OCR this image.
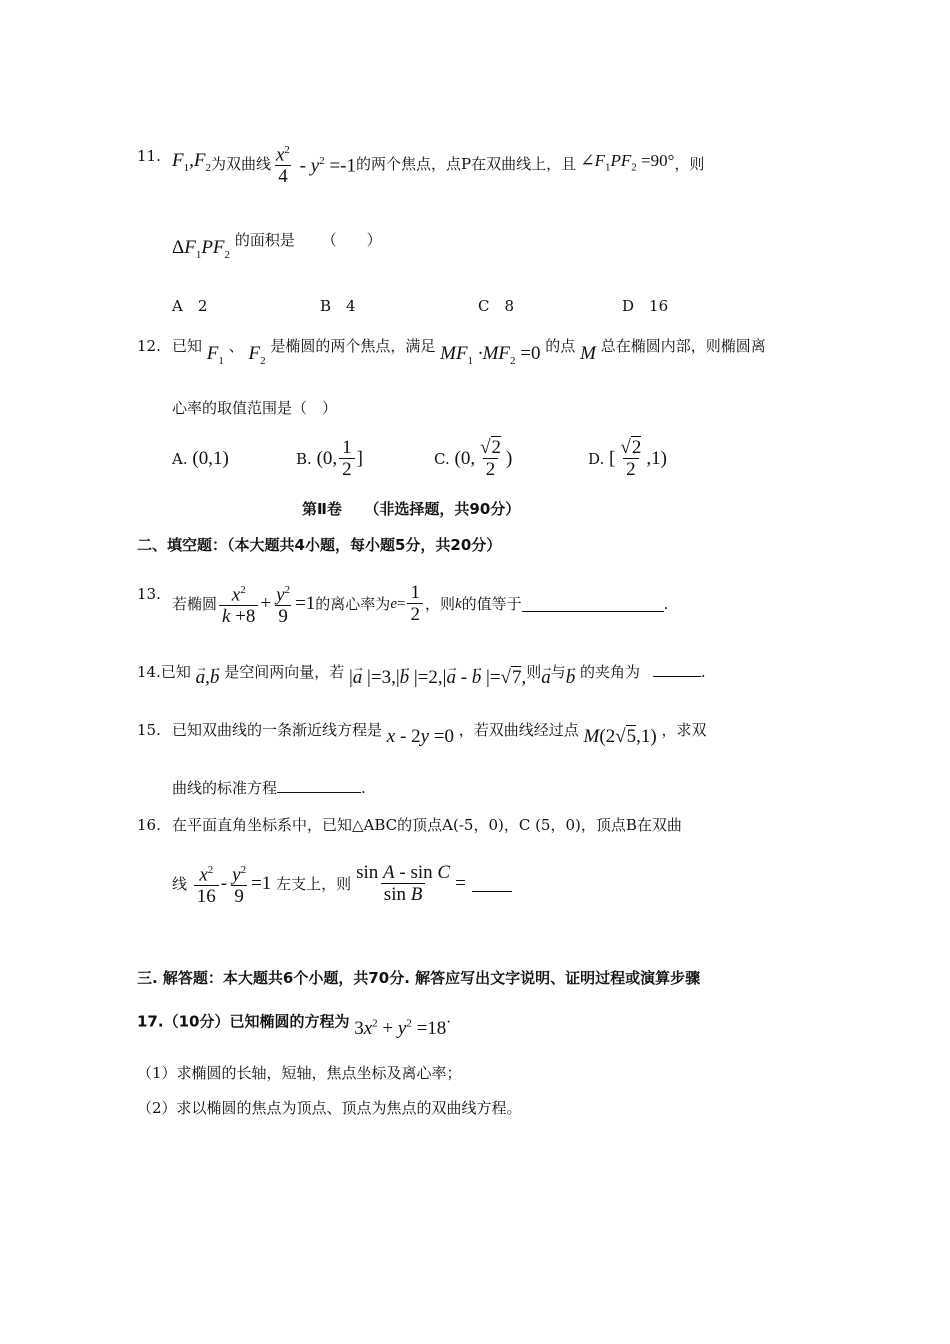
11. $F_1,F_2$ 为双曲线 $\frac{x^2}{4} - y^2 =-1$ 的两个焦点，点P在双曲线上，且 $\angle F_1PF_2 =90^\circ$ ，则
$\Delta F_1PF_2$ 的面积是 （　　）
A　2	B　4	C　8	D　16
12. 已知 $F_1$ 、 $F_2$ 是椭圆的两个焦点，满足 $MF_1 \cdot MF_2 =0$ 的点 M 总在椭圆内部，则椭圆离
心率的取值范围是（　）
A.
(0,1)	B.
(0, $\frac{1}{2}$ ]	C.
(0, $\frac{√2}{2}$ )	D.
[ $\frac{√2}{2} ,1$)
第Ⅱ卷　　（非选择题，共90分）
二、填空题：（本大题共4小题，每小题5分，共20分）
13.
若椭圆 $\frac{x^2}{k +8} + \frac{y^2}{9} =1$ 的离心率为 $e = \frac{1}{2}$ ，则 k 的值等于	.
14.已知 → a,→ b 是空间两向量，若 |→ a |=3,|→ b |=2,|→ a - → b |=√7,则→ a与→ b 的夹角为	.
15. 已知双曲线的一条渐近线方程是 x - 2y =0 ，若双曲线经过点 M(2√5,1) ，求双
曲线的标准方程	.
16. 在平面直角坐标系中，已知△ABC的顶点A(-5，0)，C (5，0)，顶点B在双曲
线
$\frac{x^2}{16} - \frac{y^2}{9} =1$
左支上，则 $\frac{\text{sin A - sin C}}{\text{sin B}}$ =
三. 解答题：本大题共6个小题，共70分. 解答应写出文字说明、证明过程或演算步骤
17.（10分）已知椭圆的方程为 $3x^2 + y^2 =18\cdot$
（1）求椭圆的长轴，短轴，焦点坐标及离心率；
（2）求以椭圆的焦点为顶点、顶点为焦点的双曲线方程。
